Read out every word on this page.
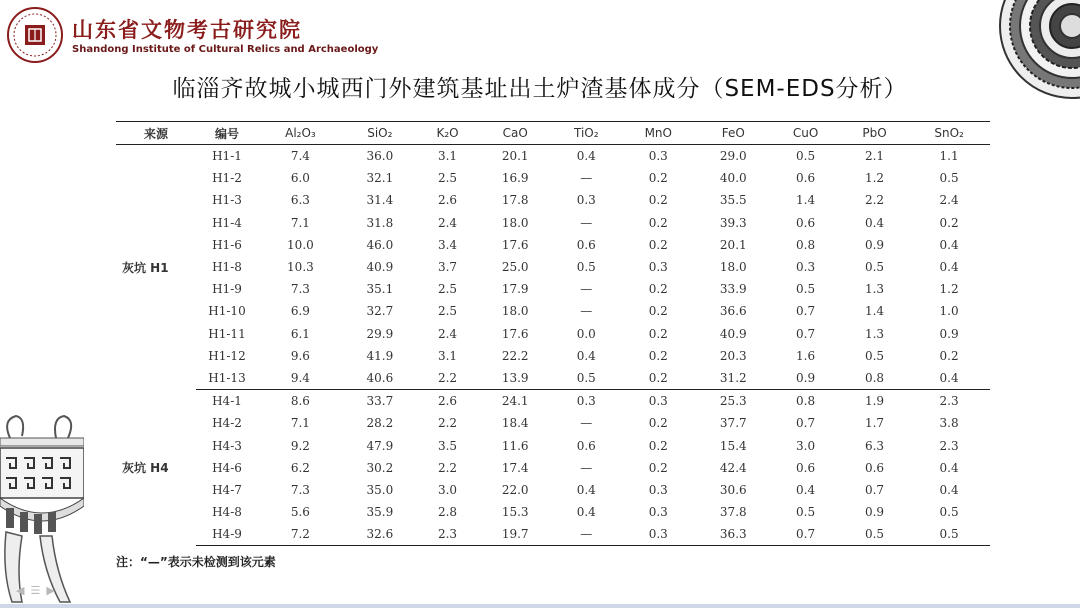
山东省文物考古研究院
Shandong Institute of Cultural Relics and Archaeology
临淄齐故城小城西门外建筑基址出土炉渣基体成分（SEM-EDS分析）
来源	编号	Al₂O₃	SiO₂	K₂O	CaO	TiO₂	MnO	FeO	CuO	PbO	SnO₂
灰坑 H1	H1-1	7.4	36.0	3.1	20.1	0.4	0.3	29.0	0.5	2.1	1.1
	H1-2	6.0	32.1	2.5	16.9	—	0.2	40.0	0.6	1.2	0.5
	H1-3	6.3	31.4	2.6	17.8	0.3	0.2	35.5	1.4	2.2	2.4
	H1-4	7.1	31.8	2.4	18.0	—	0.2	39.3	0.6	0.4	0.2
	H1-6	10.0	46.0	3.4	17.6	0.6	0.2	20.1	0.8	0.9	0.4
	H1-8	10.3	40.9	3.7	25.0	0.5	0.3	18.0	0.3	0.5	0.4
	H1-9	7.3	35.1	2.5	17.9	—	0.2	33.9	0.5	1.3	1.2
	H1-10	6.9	32.7	2.5	18.0	—	0.2	36.6	0.7	1.4	1.0
	H1-11	6.1	29.9	2.4	17.6	0.0	0.2	40.9	0.7	1.3	0.9
	H1-12	9.6	41.9	3.1	22.2	0.4	0.2	20.3	1.6	0.5	0.2
	H1-13	9.4	40.6	2.2	13.9	0.5	0.2	31.2	0.9	0.8	0.4
灰坑 H4	H4-1	8.6	33.7	2.6	24.1	0.3	0.3	25.3	0.8	1.9	2.3
	H4-2	7.1	28.2	2.2	18.4	—	0.2	37.7	0.7	1.7	3.8
	H4-3	9.2	47.9	3.5	11.6	0.6	0.2	15.4	3.0	6.3	2.3
	H4-6	6.2	30.2	2.2	17.4	—	0.2	42.4	0.6	0.6	0.4
	H4-7	7.3	35.0	3.0	22.0	0.4	0.3	30.6	0.4	0.7	0.4
	H4-8	5.6	35.9	2.8	15.3	0.4	0.3	37.8	0.5	0.9	0.5
	H4-9	7.2	32.6	2.3	19.7	—	0.3	36.3	0.7	0.5	0.5
注：“—”表示未检测到该元素
◀ ☰ ▶
